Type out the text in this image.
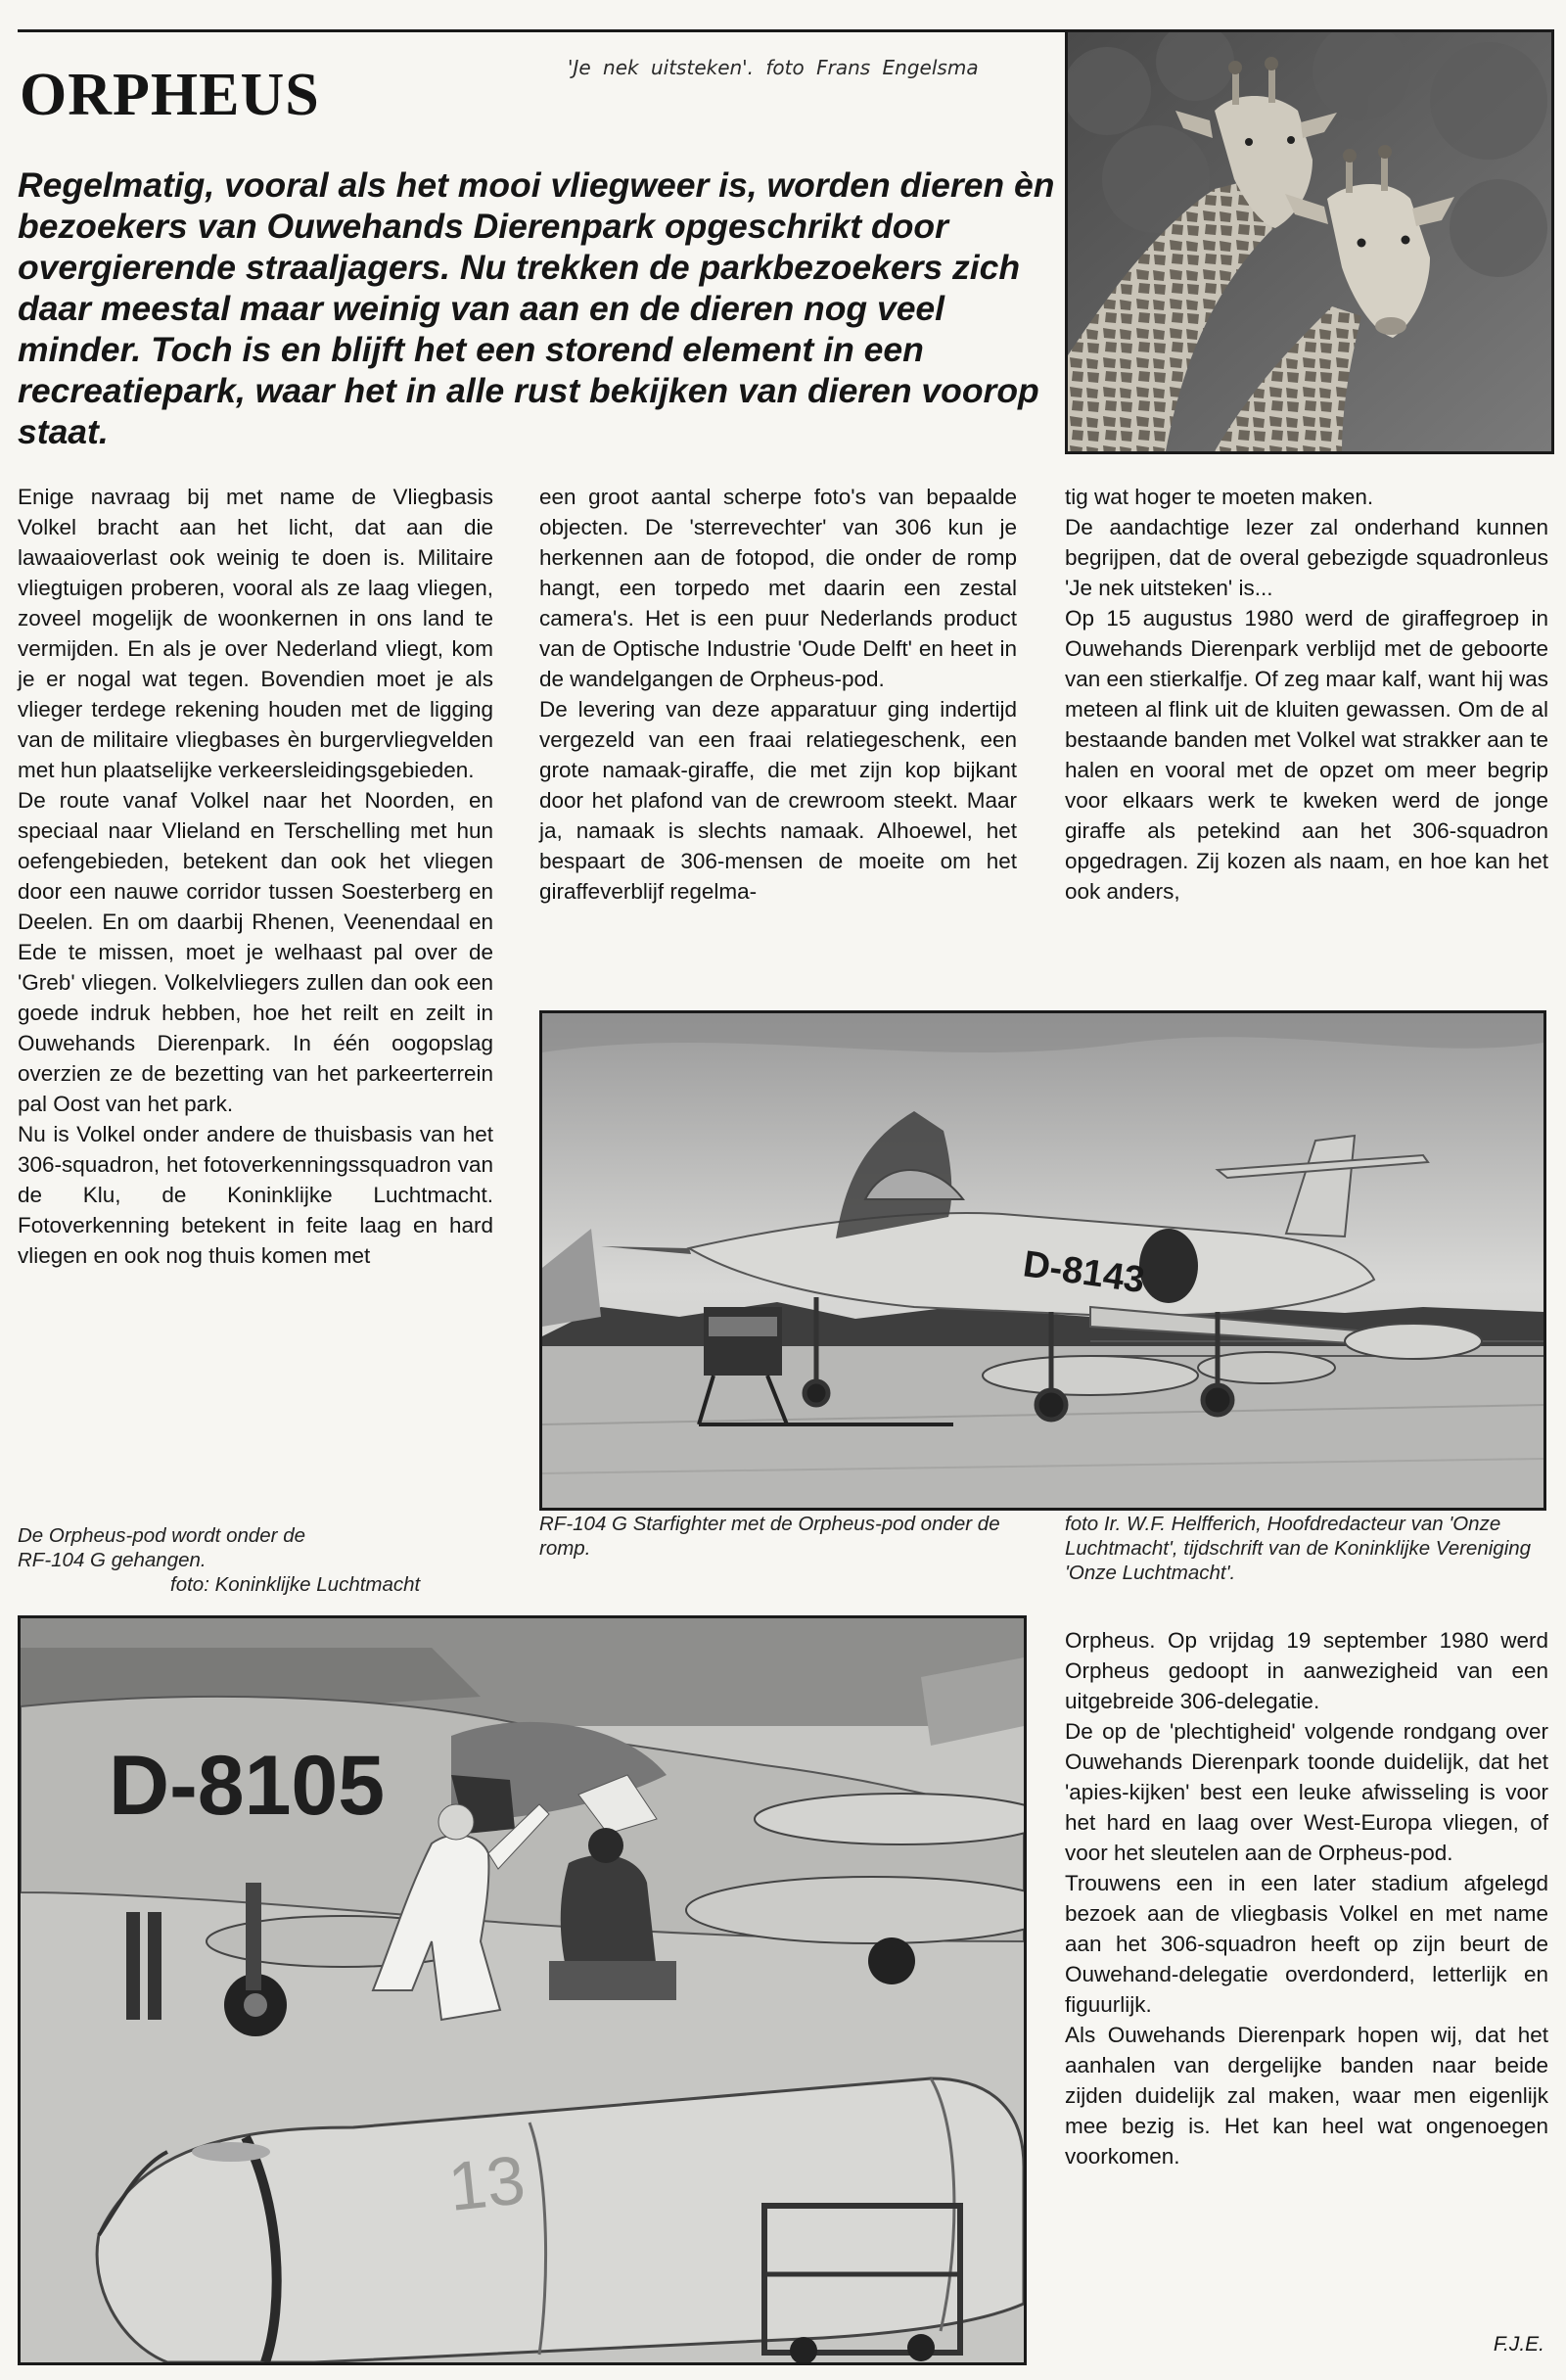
ORPHEUS	'Je nek uitsteken'. foto Frans Engelsma

Regelmatig, vooral als het mooi vliegweer is, worden dieren èn bezoekers van Ouwehands Dierenpark opgeschrikt door overgierende straaljagers. Nu trekken de parkbezoekers zich daar meestal maar weinig van aan en de dieren nog veel minder. Toch is en blijft het een storend element in een recreatiepark, waar het in alle rust bekijken van dieren voorop staat.

Enige navraag bij met name de Vliegbasis Volkel bracht aan het licht, dat aan die lawaaioverlast ook weinig te doen is. Militaire vliegtuigen proberen, vooral als ze laag vliegen, zoveel mogelijk de woonkernen in ons land te vermijden. En als je over Nederland vliegt, kom je er nogal wat tegen. Bovendien moet je als vlieger terdege rekening houden met de ligging van de militaire vliegbases èn burgervliegvelden met hun plaatselijke verkeersleidingsgebieden.

De route vanaf Volkel naar het Noorden, en speciaal naar Vlieland en Terschelling met hun oefengebieden, betekent dan ook het vliegen door een nauwe corridor tussen Soesterberg en Deelen. En om daarbij Rhenen, Veenendaal en Ede te missen, moet je welhaast pal over de 'Greb' vliegen. Volkelvliegers zullen dan ook een goede indruk hebben, hoe het reilt en zeilt in Ouwehands Dierenpark. In één oogopslag overzien ze de bezetting van het parkeerterrein pal Oost van het park.

Nu is Volkel onder andere de thuisbasis van het 306-squadron, het fotoverkenningssquadron van de Klu, de Koninklijke Luchtmacht. Fotoverkenning betekent in feite laag en hard vliegen en ook nog thuis komen met

een groot aantal scherpe foto's van bepaalde objecten. De 'sterrevechter' van 306 kun je herkennen aan de fotopod, die onder de romp hangt, een torpedo met daarin een zestal camera's. Het is een puur Nederlands product van de Optische Industrie 'Oude Delft' en heet in de wandelgangen de Orpheus-pod.

De levering van deze apparatuur ging indertijd vergezeld van een fraai relatiegeschenk, een grote namaak-giraffe, die met zijn kop bijkant door het plafond van de crewroom steekt. Maar ja, namaak is slechts namaak. Alhoewel, het bespaart de 306-mensen de moeite om het giraffeverblijf regelma-

tig wat hoger te moeten maken.

De aandachtige lezer zal onderhand kunnen begrijpen, dat de overal gebezigde squadronleus 'Je nek uitsteken' is...

Op 15 augustus 1980 werd de giraffegroep in Ouwehands Dierenpark verblijd met de geboorte van een stierkalfje. Of zeg maar kalf, want hij was meteen al flink uit de kluiten gewassen. Om de al bestaande banden met Volkel wat strakker aan te halen en vooral met de opzet om meer begrip voor elkaars werk te kweken werd de jonge giraffe als petekind aan het 306-squadron opgedragen. Zij kozen als naam, en hoe kan het ook anders,

D-8143
De Orpheus-pod wordt onder de
RF-104 G gehangen.
foto: Koninklijke Luchtmacht
RF-104 G Starfighter met de Orpheus-pod onder de romp.
foto Ir. W.F. Helfferich, Hoofdredacteur van 'Onze Luchtmacht', tijdschrift van de Koninklijke Vereniging 'Onze Luchtmacht'.
13
D-8105

Orpheus. Op vrijdag 19 september 1980 werd Orpheus gedoopt in aanwezigheid van een uitgebreide 306-delegatie.

De op de 'plechtigheid' volgende rondgang over Ouwehands Dierenpark toonde duidelijk, dat het 'apies-kijken' best een leuke afwisseling is voor het hard en laag over West-Europa vliegen, of voor het sleutelen aan de Orpheus-pod.

Trouwens een in een later stadium afgelegd bezoek aan de vliegbasis Volkel en met name aan het 306-squadron heeft op zijn beurt de Ouwehand-delegatie overdonderd, letterlijk en figuurlijk.

Als Ouwehands Dierenpark hopen wij, dat het aanhalen van dergelijke banden naar beide zijden duidelijk zal maken, waar men eigenlijk mee bezig is. Het kan heel wat ongenoegen voorkomen.

F.J.E.
